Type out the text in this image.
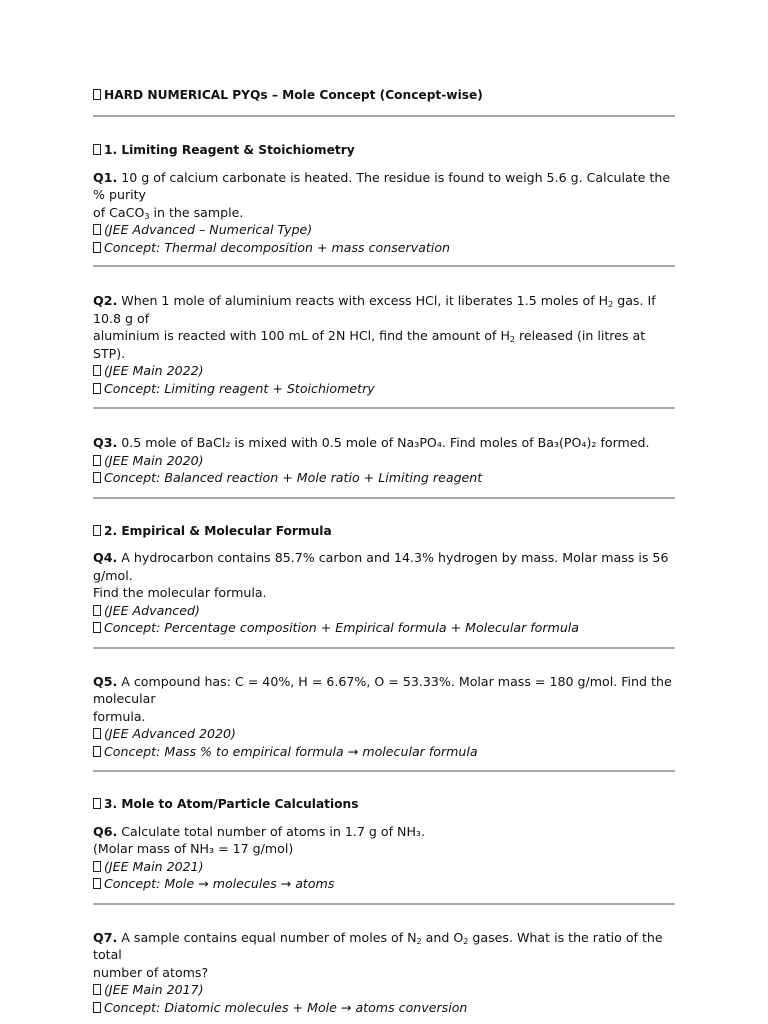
HARD NUMERICAL PYQs – Mole Concept (Concept-wise)
1. Limiting Reagent & Stoichiometry
Q1. 10 g of calcium carbonate is heated. The residue is found to weigh 5.6 g. Calculate the % purity
of CaCO$_3$ in the sample.
(JEE Advanced – Numerical Type)
Concept: Thermal decomposition + mass conservation
Q2. When 1 mole of aluminium reacts with excess HCl, it liberates 1.5 moles of $H_2$ gas. If 10.8 g of
aluminium is reacted with 100 mL of 2N HCl, find the amount of $H_2$ released (in litres at STP).
(JEE Main 2022)
Concept: Limiting reagent + Stoichiometry
Q3. 0.5 mole of BaCl₂ is mixed with 0.5 mole of Na₃PO₄. Find moles of Ba₃(PO₄)₂ formed.
(JEE Main 2020)
Concept: Balanced reaction + Mole ratio + Limiting reagent
2. Empirical & Molecular Formula
Q4. A hydrocarbon contains 85.7% carbon and 14.3% hydrogen by mass. Molar mass is 56 g/mol.
Find the molecular formula.
(JEE Advanced)
Concept: Percentage composition + Empirical formula + Molecular formula
Q5. A compound has: C = 40%, H = 6.67%, O = 53.33%. Molar mass = 180 g/mol. Find the molecular
formula.
(JEE Advanced 2020)
Concept: Mass % to empirical formula → molecular formula
3. Mole to Atom/Particle Calculations
Q6. Calculate total number of atoms in 1.7 g of NH₃.
(Molar mass of NH₃ = 17 g/mol)
(JEE Main 2021)
Concept: Mole → molecules → atoms
Q7. A sample contains equal number of moles of $N_2$ and $O_2$ gases. What is the ratio of the total
number of atoms?
(JEE Main 2017)
Concept: Diatomic molecules + Mole → atoms conversion
